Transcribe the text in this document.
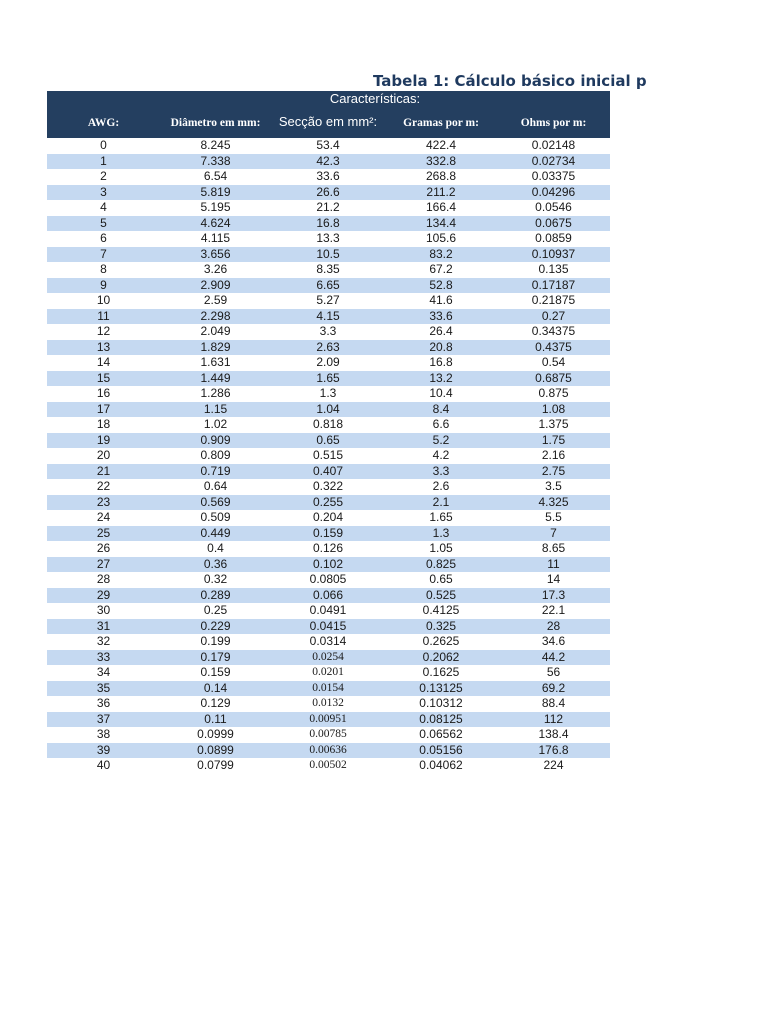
Tabela 1: Cálculo básico inicial p
Características:
AWG:	Diâmetro em mm:	Secção em mm²:	Gramas por m:	Ohms por m:
0	8.245	53.4	422.4	0.02148
1	7.338	42.3	332.8	0.02734
2	6.54	33.6	268.8	0.03375
3	5.819	26.6	211.2	0.04296
4	5.195	21.2	166.4	0.0546
5	4.624	16.8	134.4	0.0675
6	4.115	13.3	105.6	0.0859
7	3.656	10.5	83.2	0.10937
8	3.26	8.35	67.2	0.135
9	2.909	6.65	52.8	0.17187
10	2.59	5.27	41.6	0.21875
11	2.298	4.15	33.6	0.27
12	2.049	3.3	26.4	0.34375
13	1.829	2.63	20.8	0.4375
14	1.631	2.09	16.8	0.54
15	1.449	1.65	13.2	0.6875
16	1.286	1.3	10.4	0.875
17	1.15	1.04	8.4	1.08
18	1.02	0.818	6.6	1.375
19	0.909	0.65	5.2	1.75
20	0.809	0.515	4.2	2.16
21	0.719	0.407	3.3	2.75
22	0.64	0.322	2.6	3.5
23	0.569	0.255	2.1	4.325
24	0.509	0.204	1.65	5.5
25	0.449	0.159	1.3	7
26	0.4	0.126	1.05	8.65
27	0.36	0.102	0.825	11
28	0.32	0.0805	0.65	14
29	0.289	0.066	0.525	17.3
30	0.25	0.0491	0.4125	22.1
31	0.229	0.0415	0.325	28
32	0.199	0.0314	0.2625	34.6
33	0.179	0.0254	0.2062	44.2
34	0.159	0.0201	0.1625	56
35	0.14	0.0154	0.13125	69.2
36	0.129	0.0132	0.10312	88.4
37	0.11	0.00951	0.08125	112
38	0.0999	0.00785	0.06562	138.4
39	0.0899	0.00636	0.05156	176.8
40	0.0799	0.00502	0.04062	224
